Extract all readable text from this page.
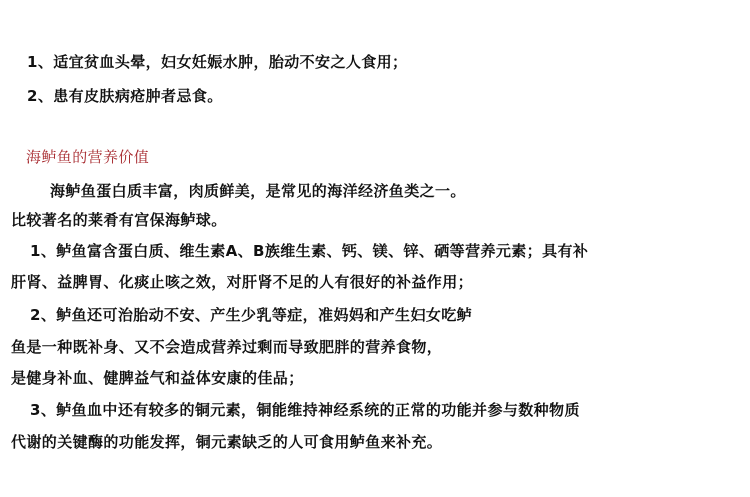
1、适宜贫血头晕，妇女妊娠水肿，胎动不安之人食用；
2、患有皮肤病疮肿者忌食。
海鲈鱼的营养价值
海鲈鱼蛋白质丰富，肉质鲜美，是常见的海洋经济鱼类之一。
比较著名的莱肴有宫保海鲈球。
1、鲈鱼富含蛋白质、维生素A、B族维生素、钙、镁、锌、硒等营养元素；具有补
肝肾、益脾胃、化痰止咳之效，对肝肾不足的人有很好的补益作用；
2、鲈鱼还可治胎动不安、产生少乳等症，准妈妈和产生妇女吃鲈
鱼是一种既补身、又不会造成营养过剩而导致肥胖的营养食物，
是健身补血、健脾益气和益体安康的佳品；
3、鲈鱼血中还有较多的铜元素，铜能维持神经系统的正常的功能并参与数种物质
代谢的关键酶的功能发挥，铜元素缺乏的人可食用鲈鱼来补充。
